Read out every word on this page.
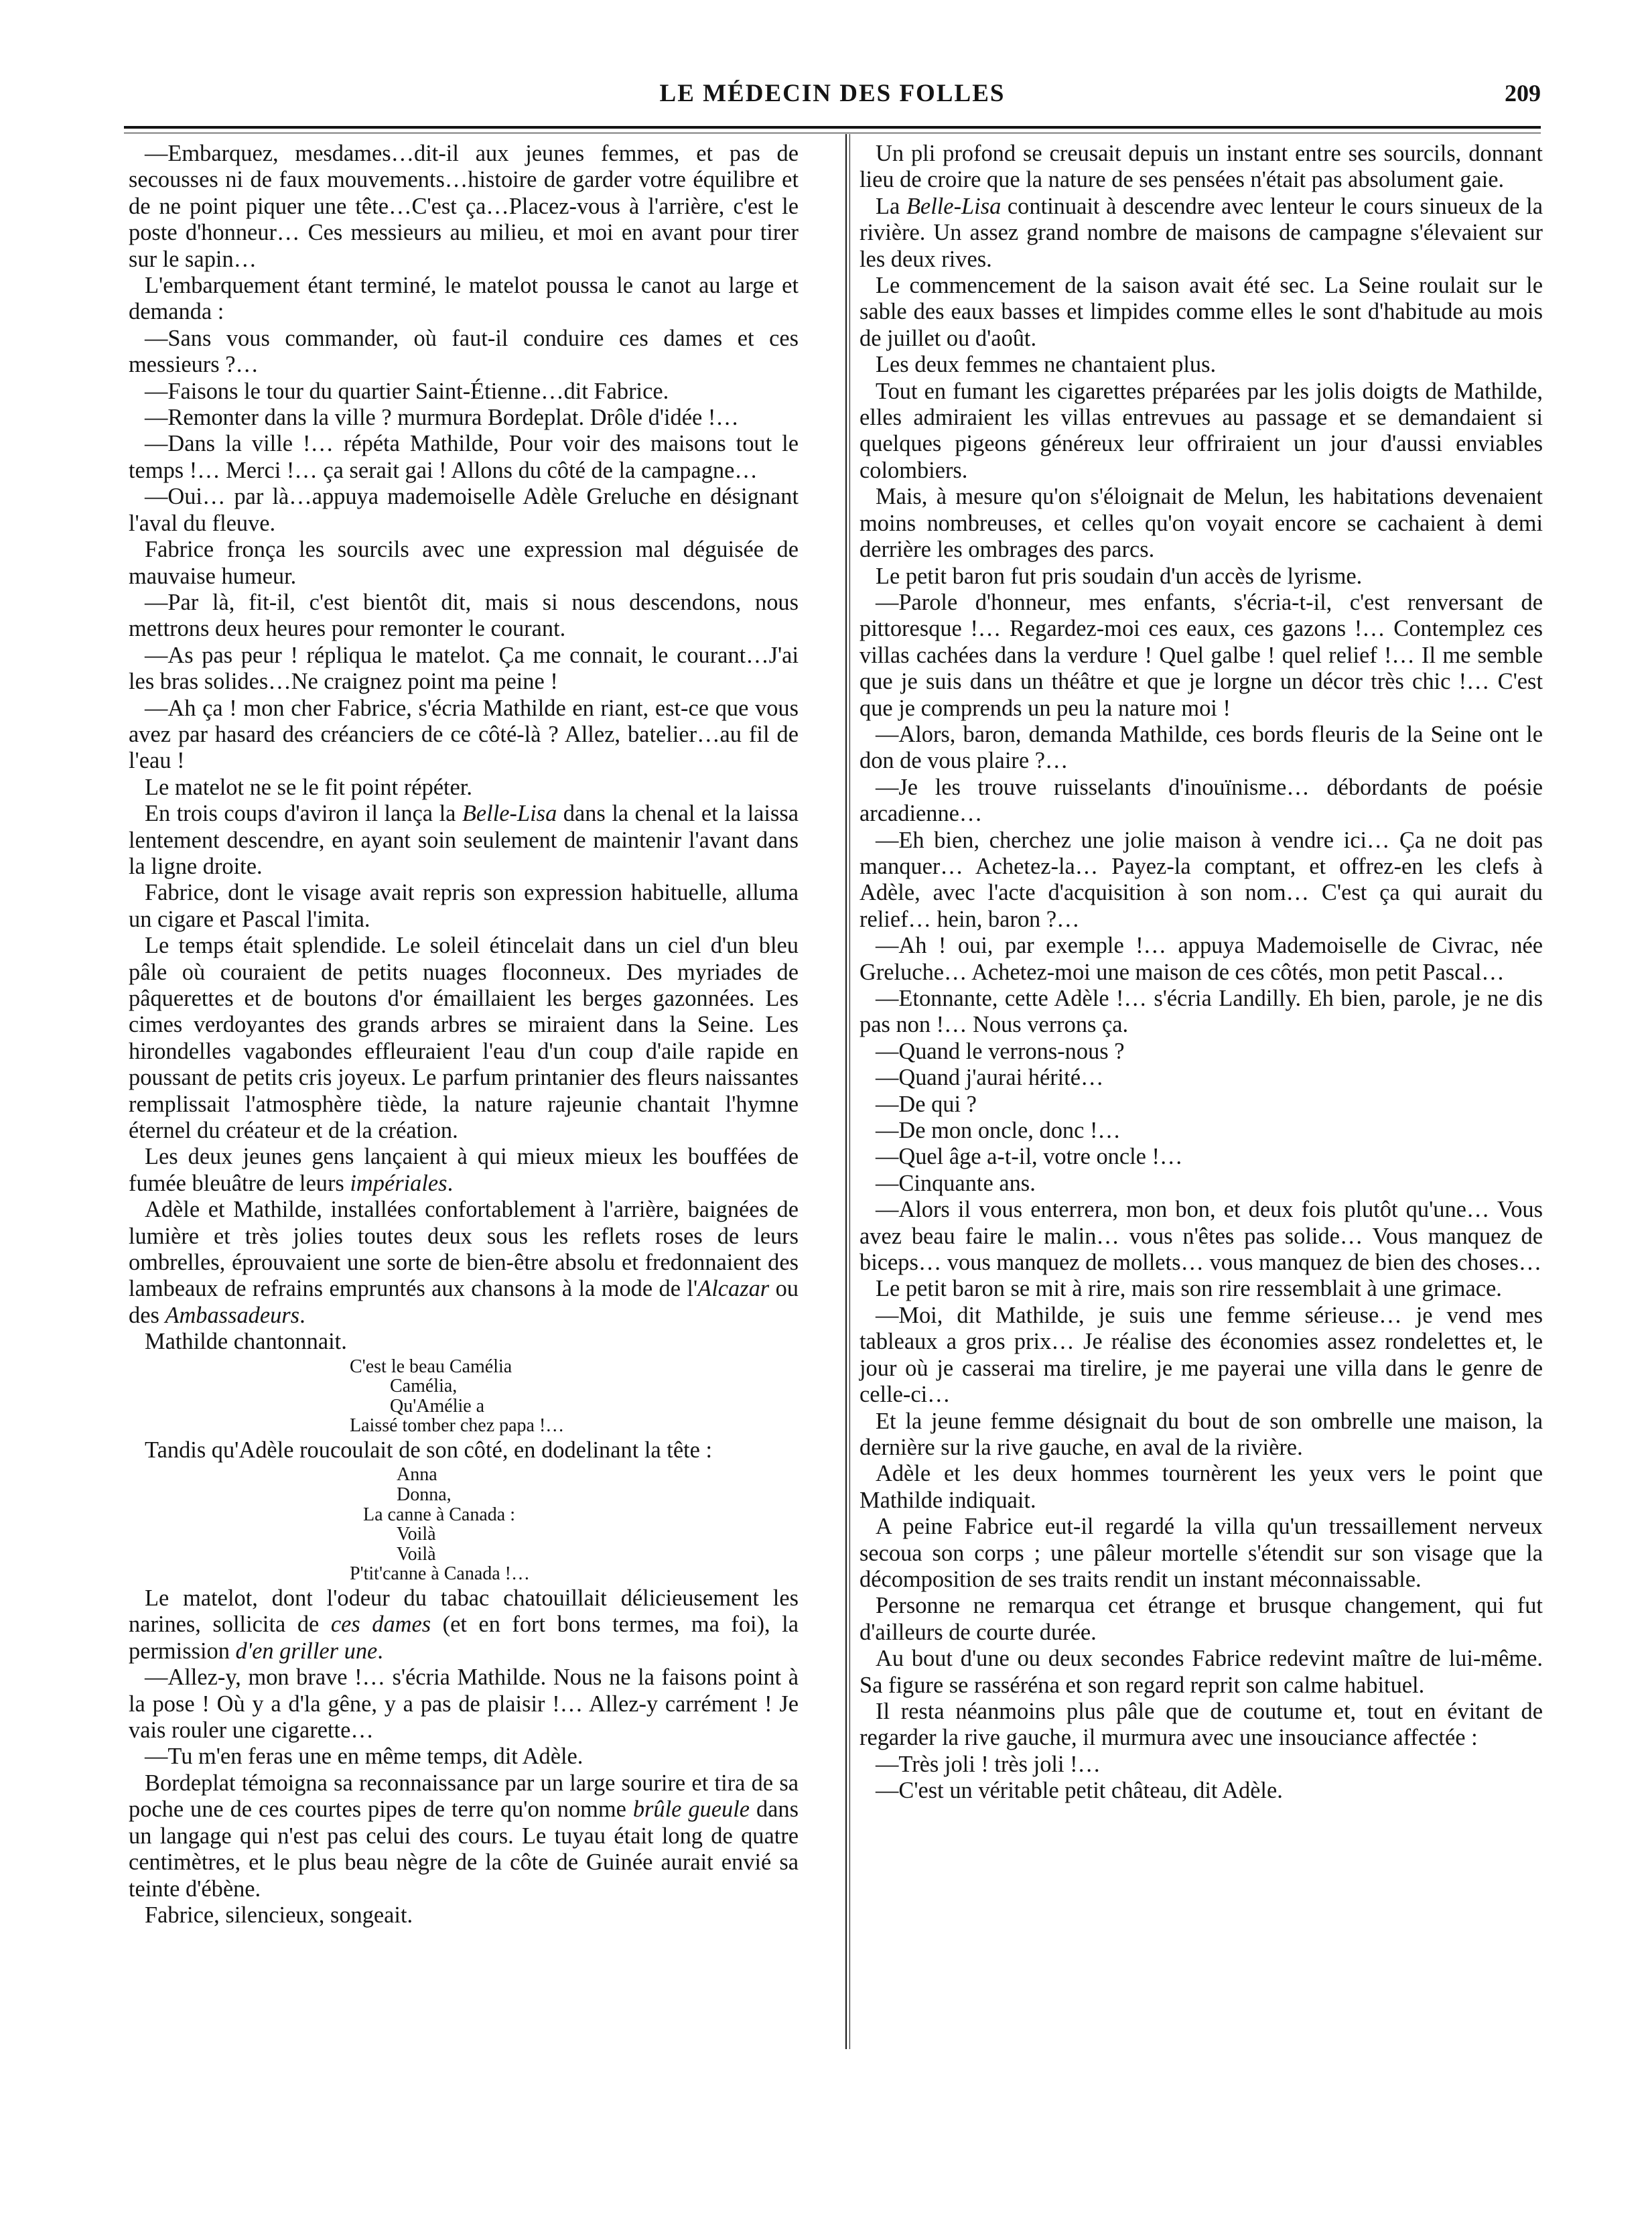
LE MÉDECIN DES FOLLES	209

—Embarquez, mesdames…dit-il aux jeunes femmes, et pas de secousses ni de faux mouvements…histoire de garder votre équilibre et de ne point piquer une tête…C'est ça…Placez-vous à l'arrière, c'est le poste d'honneur… Ces messieurs au milieu, et moi en avant pour tirer sur le sapin…

L'embarquement étant terminé, le matelot poussa le canot au large et demanda :

—Sans vous commander, où faut-il conduire ces dames et ces messieurs ?…

—Faisons le tour du quartier Saint-Étienne…dit Fabrice.

—Remonter dans la ville ? murmura Bordeplat. Drôle d'idée !…

—Dans la ville !… répéta Mathilde, Pour voir des maisons tout le temps !… Merci !… ça serait gai ! Allons du côté de la campagne…

—Oui… par là…appuya mademoiselle Adèle Greluche en désignant l'aval du fleuve.

Fabrice fronça les sourcils avec une expression mal déguisée de mauvaise humeur.

—Par là, fit-il, c'est bientôt dit, mais si nous descendons, nous mettrons deux heures pour remonter le courant.

—As pas peur ! répliqua le matelot. Ça me connait, le courant…J'ai les bras solides…Ne craignez point ma peine !

—Ah ça ! mon cher Fabrice, s'écria Mathilde en riant, est-ce que vous avez par hasard des créanciers de ce côté-là ? Allez, batelier…au fil de l'eau !

Le matelot ne se le fit point répéter.

En trois coups d'aviron il lança la Belle-Lisa dans la chenal et la laissa lentement descendre, en ayant soin seulement de maintenir l'avant dans la ligne droite.

Fabrice, dont le visage avait repris son expression habituelle, alluma un cigare et Pascal l'imita.

Le temps était splendide. Le soleil étincelait dans un ciel d'un bleu pâle où couraient de petits nuages floconneux. Des myriades de pâquerettes et de boutons d'or émaillaient les berges gazonnées. Les cimes verdoyantes des grands arbres se miraient dans la Seine. Les hirondelles vagabondes effleuraient l'eau d'un coup d'aile rapide en poussant de petits cris joyeux. Le parfum printanier des fleurs naissantes remplissait l'atmosphère tiède, la nature rajeunie chantait l'hymne éternel du créateur et de la création.

Les deux jeunes gens lançaient à qui mieux mieux les bouffées de fumée bleuâtre de leurs impériales.

Adèle et Mathilde, installées confortablement à l'arrière, baignées de lumière et très jolies toutes deux sous les reflets roses de leurs ombrelles, éprouvaient une sorte de bien-être absolu et fredonnaient des lambeaux de refrains empruntés aux chansons à la mode de l'Alcazar ou des Ambassadeurs.

Mathilde chantonnait.

C'est le beau Camélia
Camélia,
Qu'Amélie a
Laissé tomber chez papa !…

Tandis qu'Adèle roucoulait de son côté, en dodelinant la tête :

Anna
Donna,
La canne à Canada :
Voilà
Voilà
P'tit'canne à Canada !…

Le matelot, dont l'odeur du tabac chatouillait délicieusement les narines, sollicita de ces dames (et en fort bons termes, ma foi), la permission d'en griller une.

—Allez-y, mon brave !… s'écria Mathilde. Nous ne la faisons point à la pose ! Où y a d'la gêne, y a pas de plaisir !… Allez-y carrément ! Je vais rouler une cigarette…

—Tu m'en feras une en même temps, dit Adèle.

Bordeplat témoigna sa reconnaissance par un large sourire et tira de sa poche une de ces courtes pipes de terre qu'on nomme brûle gueule dans un langage qui n'est pas celui des cours. Le tuyau était long de quatre centimètres, et le plus beau nègre de la côte de Guinée aurait envié sa teinte d'ébène.

Fabrice, silencieux, songeait.

Un pli profond se creusait depuis un instant entre ses sourcils, donnant lieu de croire que la nature de ses pensées n'était pas absolument gaie.

La Belle-Lisa continuait à descendre avec lenteur le cours sinueux de la rivière. Un assez grand nombre de maisons de campagne s'élevaient sur les deux rives.

Le commencement de la saison avait été sec. La Seine roulait sur le sable des eaux basses et limpides comme elles le sont d'habitude au mois de juillet ou d'août.

Les deux femmes ne chantaient plus.

Tout en fumant les cigarettes préparées par les jolis doigts de Mathilde, elles admiraient les villas entrevues au passage et se demandaient si quelques pigeons généreux leur offriraient un jour d'aussi enviables colombiers.

Mais, à mesure qu'on s'éloignait de Melun, les habitations devenaient moins nombreuses, et celles qu'on voyait encore se cachaient à demi derrière les ombrages des parcs.

Le petit baron fut pris soudain d'un accès de lyrisme.

—Parole d'honneur, mes enfants, s'écria-t-il, c'est renversant de pittoresque !… Regardez-moi ces eaux, ces gazons !… Contemplez ces villas cachées dans la verdure ! Quel galbe ! quel relief !… Il me semble que je suis dans un théâtre et que je lorgne un décor très chic !… C'est que je comprends un peu la nature moi !

—Alors, baron, demanda Mathilde, ces bords fleuris de la Seine ont le don de vous plaire ?…

—Je les trouve ruisselants d'inouïnisme… débordants de poésie arcadienne…

—Eh bien, cherchez une jolie maison à vendre ici… Ça ne doit pas manquer… Achetez-la… Payez-la comptant, et offrez-en les clefs à Adèle, avec l'acte d'acquisition à son nom… C'est ça qui aurait du relief… hein, baron ?…

—Ah ! oui, par exemple !… appuya Mademoiselle de Civrac, née Greluche… Achetez-moi une maison de ces côtés, mon petit Pascal…

—Etonnante, cette Adèle !… s'écria Landilly. Eh bien, parole, je ne dis pas non !… Nous verrons ça.

—Quand le verrons-nous ?

—Quand j'aurai hérité…

—De qui ?

—De mon oncle, donc !…

—Quel âge a-t-il, votre oncle !…

—Cinquante ans.

—Alors il vous enterrera, mon bon, et deux fois plutôt qu'une… Vous avez beau faire le malin… vous n'êtes pas solide… Vous manquez de biceps… vous manquez de mollets… vous manquez de bien des choses…

Le petit baron se mit à rire, mais son rire ressemblait à une grimace.

—Moi, dit Mathilde, je suis une femme sérieuse… je vend mes tableaux a gros prix… Je réalise des économies assez rondelettes et, le jour où je casserai ma tirelire, je me payerai une villa dans le genre de celle-ci…

Et la jeune femme désignait du bout de son ombrelle une maison, la dernière sur la rive gauche, en aval de la rivière.

Adèle et les deux hommes tournèrent les yeux vers le point que Mathilde indiquait.

A peine Fabrice eut-il regardé la villa qu'un tressaillement nerveux secoua son corps ; une pâleur mortelle s'étendit sur son visage que la décomposition de ses traits rendit un instant méconnaissable.

Personne ne remarqua cet étrange et brusque changement, qui fut d'ailleurs de courte durée.

Au bout d'une ou deux secondes Fabrice redevint maître de lui-même. Sa figure se rasséréna et son regard reprit son calme habituel.

Il resta néanmoins plus pâle que de coutume et, tout en évitant de regarder la rive gauche, il murmura avec une insouciance affectée :

—Très joli ! très joli !…

—C'est un véritable petit château, dit Adèle.
